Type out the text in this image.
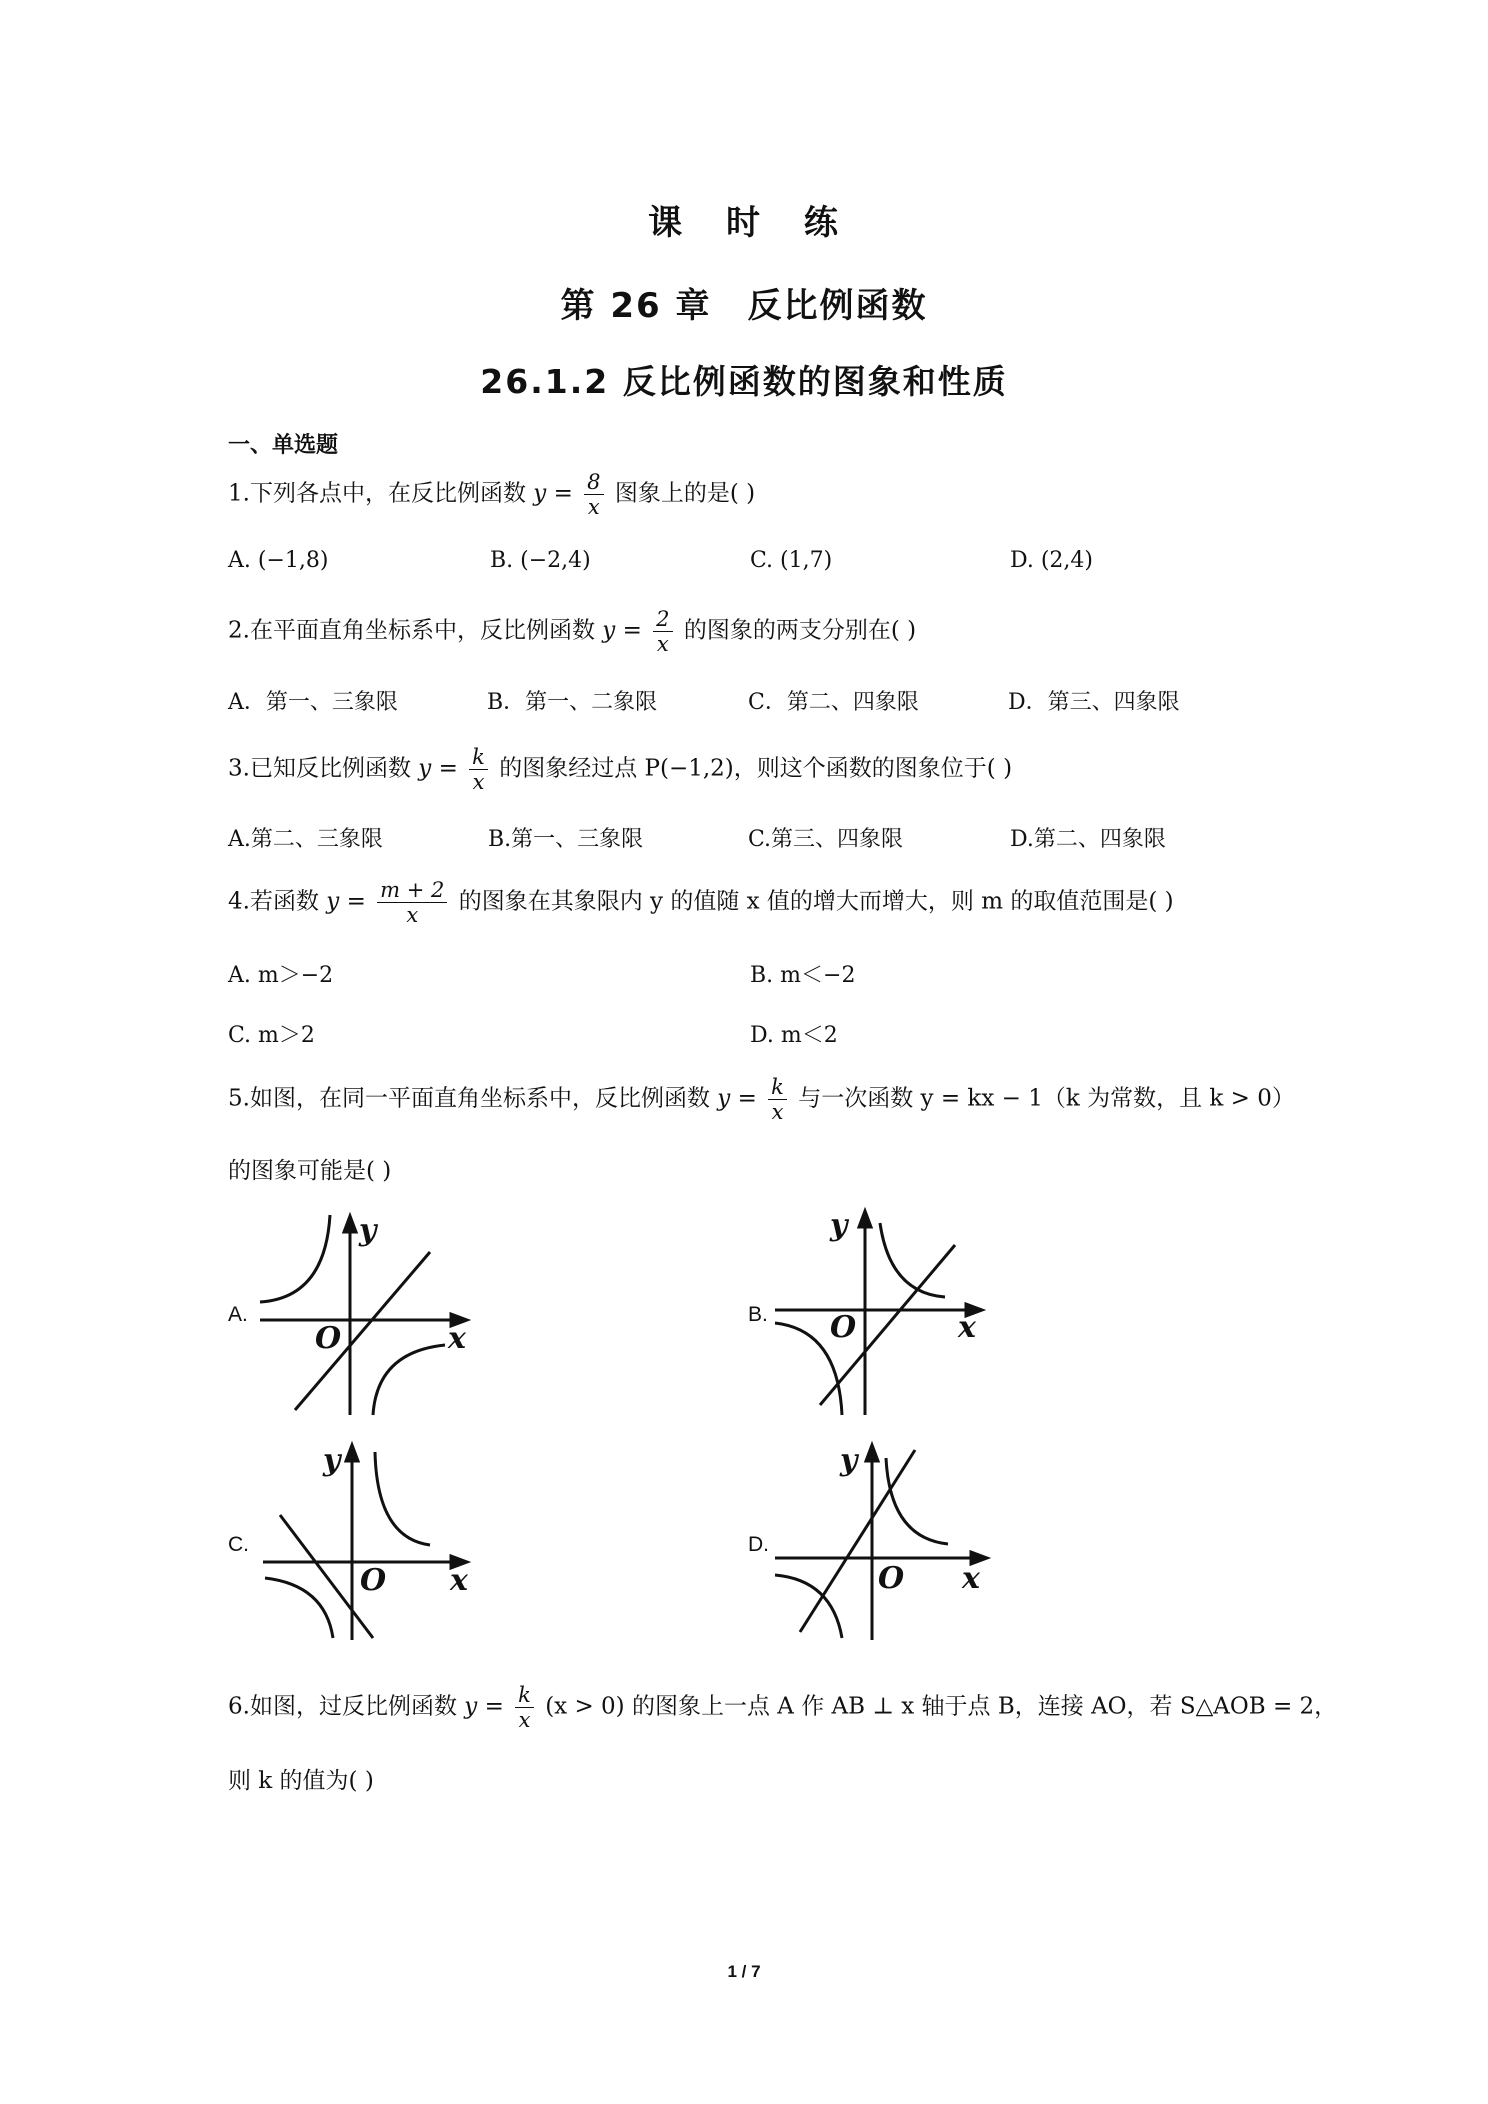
课 时 练
第 26 章　反比例函数
26.1.2 反比例函数的图象和性质
一、单选题
1.下列各点中，在反比例函数 $y = \frac{8}{x}$ 图象上的是( )
A. (−1,8)	B. (−2,4)	C. (1,7)	D. (2,4)
2.在平面直角坐标系中，反比例函数 $y = \frac{2}{x}$ 的图象的两支分别在( )
A．第一、三象限	B．第一、二象限	C．第二、四象限	D．第三、四象限
3.已知反比例函数 $y = \frac{k}{x}$ 的图象经过点 P(−1,2)，则这个函数的图象位于( )
A.第二、三象限	B.第一、三象限	C.第三、四象限	D.第二、四象限
4.若函数 $y = \frac{m + 2}{x}$ 的图象在其象限内 y 的值随 x 值的增大而增大，则 m 的取值范围是( )
A. m＞−2	B. m＜−2
C. m＞2	D. m＜2
5.如图，在同一平面直角坐标系中，反比例函数 $y = \frac{k}{x}$ 与一次函数 y = kx − 1（k 为常数，且 k > 0）
的图象可能是( )
A.	B.
C.	D.
y
x
O
y
x
O
y
x
O
y
x
O
6.如图，过反比例函数 $y = \frac{k}{x} (x > 0)$ 的图象上一点 A 作 AB ⊥ x 轴于点 B，连接 AO，若 S△AOB = 2，
则 k 的值为( )
1 / 7
